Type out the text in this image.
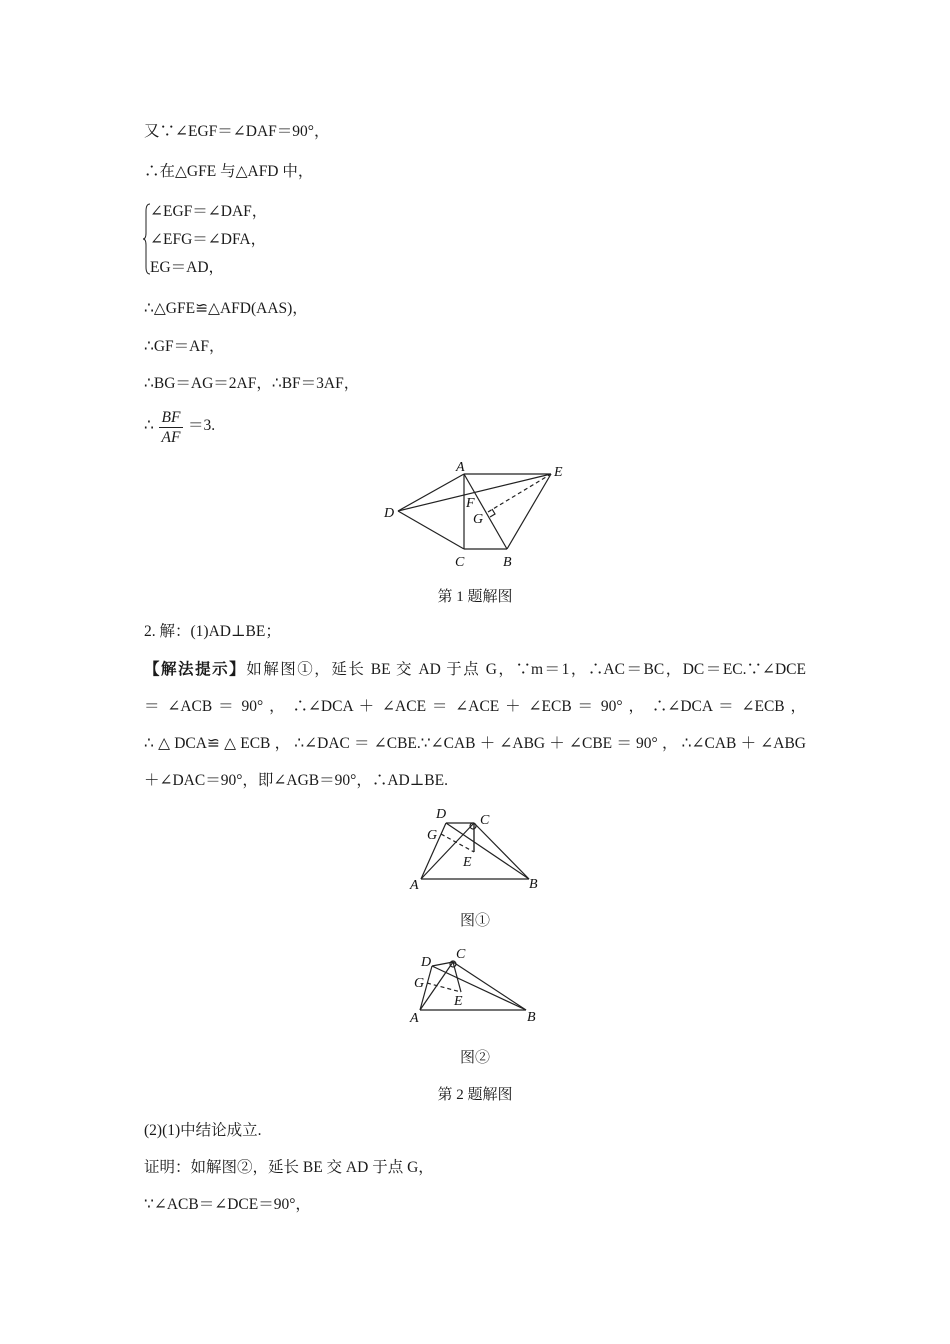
又∵∠EGF＝∠DAF＝90°，
∴在△GFE 与△AFD 中，
∠EGF＝∠DAF，
∠EFG＝∠DFA，
EG＝AD，
∴△GFE≌△AFD(AAS)，
∴GF＝AF，
∴BG＝AG＝2AF，∴BF＝3AF，
∴ $\frac{BF}{AF} =3$.
A	E
D
F
G
C	B
第 1 题解图
2. 解：(1)AD⊥BE；
【解法提示】如解图①，延长 BE 交 AD 于点 G，∵m＝1，∴AC＝BC，DC＝EC.∵∠DCE
＝ ∠ACB ＝ 90° ， ∴∠DCA ＋ ∠ACE ＝ ∠ACE ＋ ∠ECB ＝ 90° ， ∴∠DCA ＝ ∠ECB ，
∴△DCA≌△ECB，∴∠DAC＝∠CBE.∵∠CAB＋∠ABG＋∠CBE＝90°，∴∠CAB＋∠ABG
＋∠DAC＝90°，即∠AGB＝90°，∴AD⊥BE.
D C
G
E
A	B
图①
C
D
G
E
A	B
图②
第 2 题解图
(2)(1)中结论成立.
证明：如解图②，延长 BE 交 AD 于点 G，
∵∠ACB＝∠DCE＝90°，
